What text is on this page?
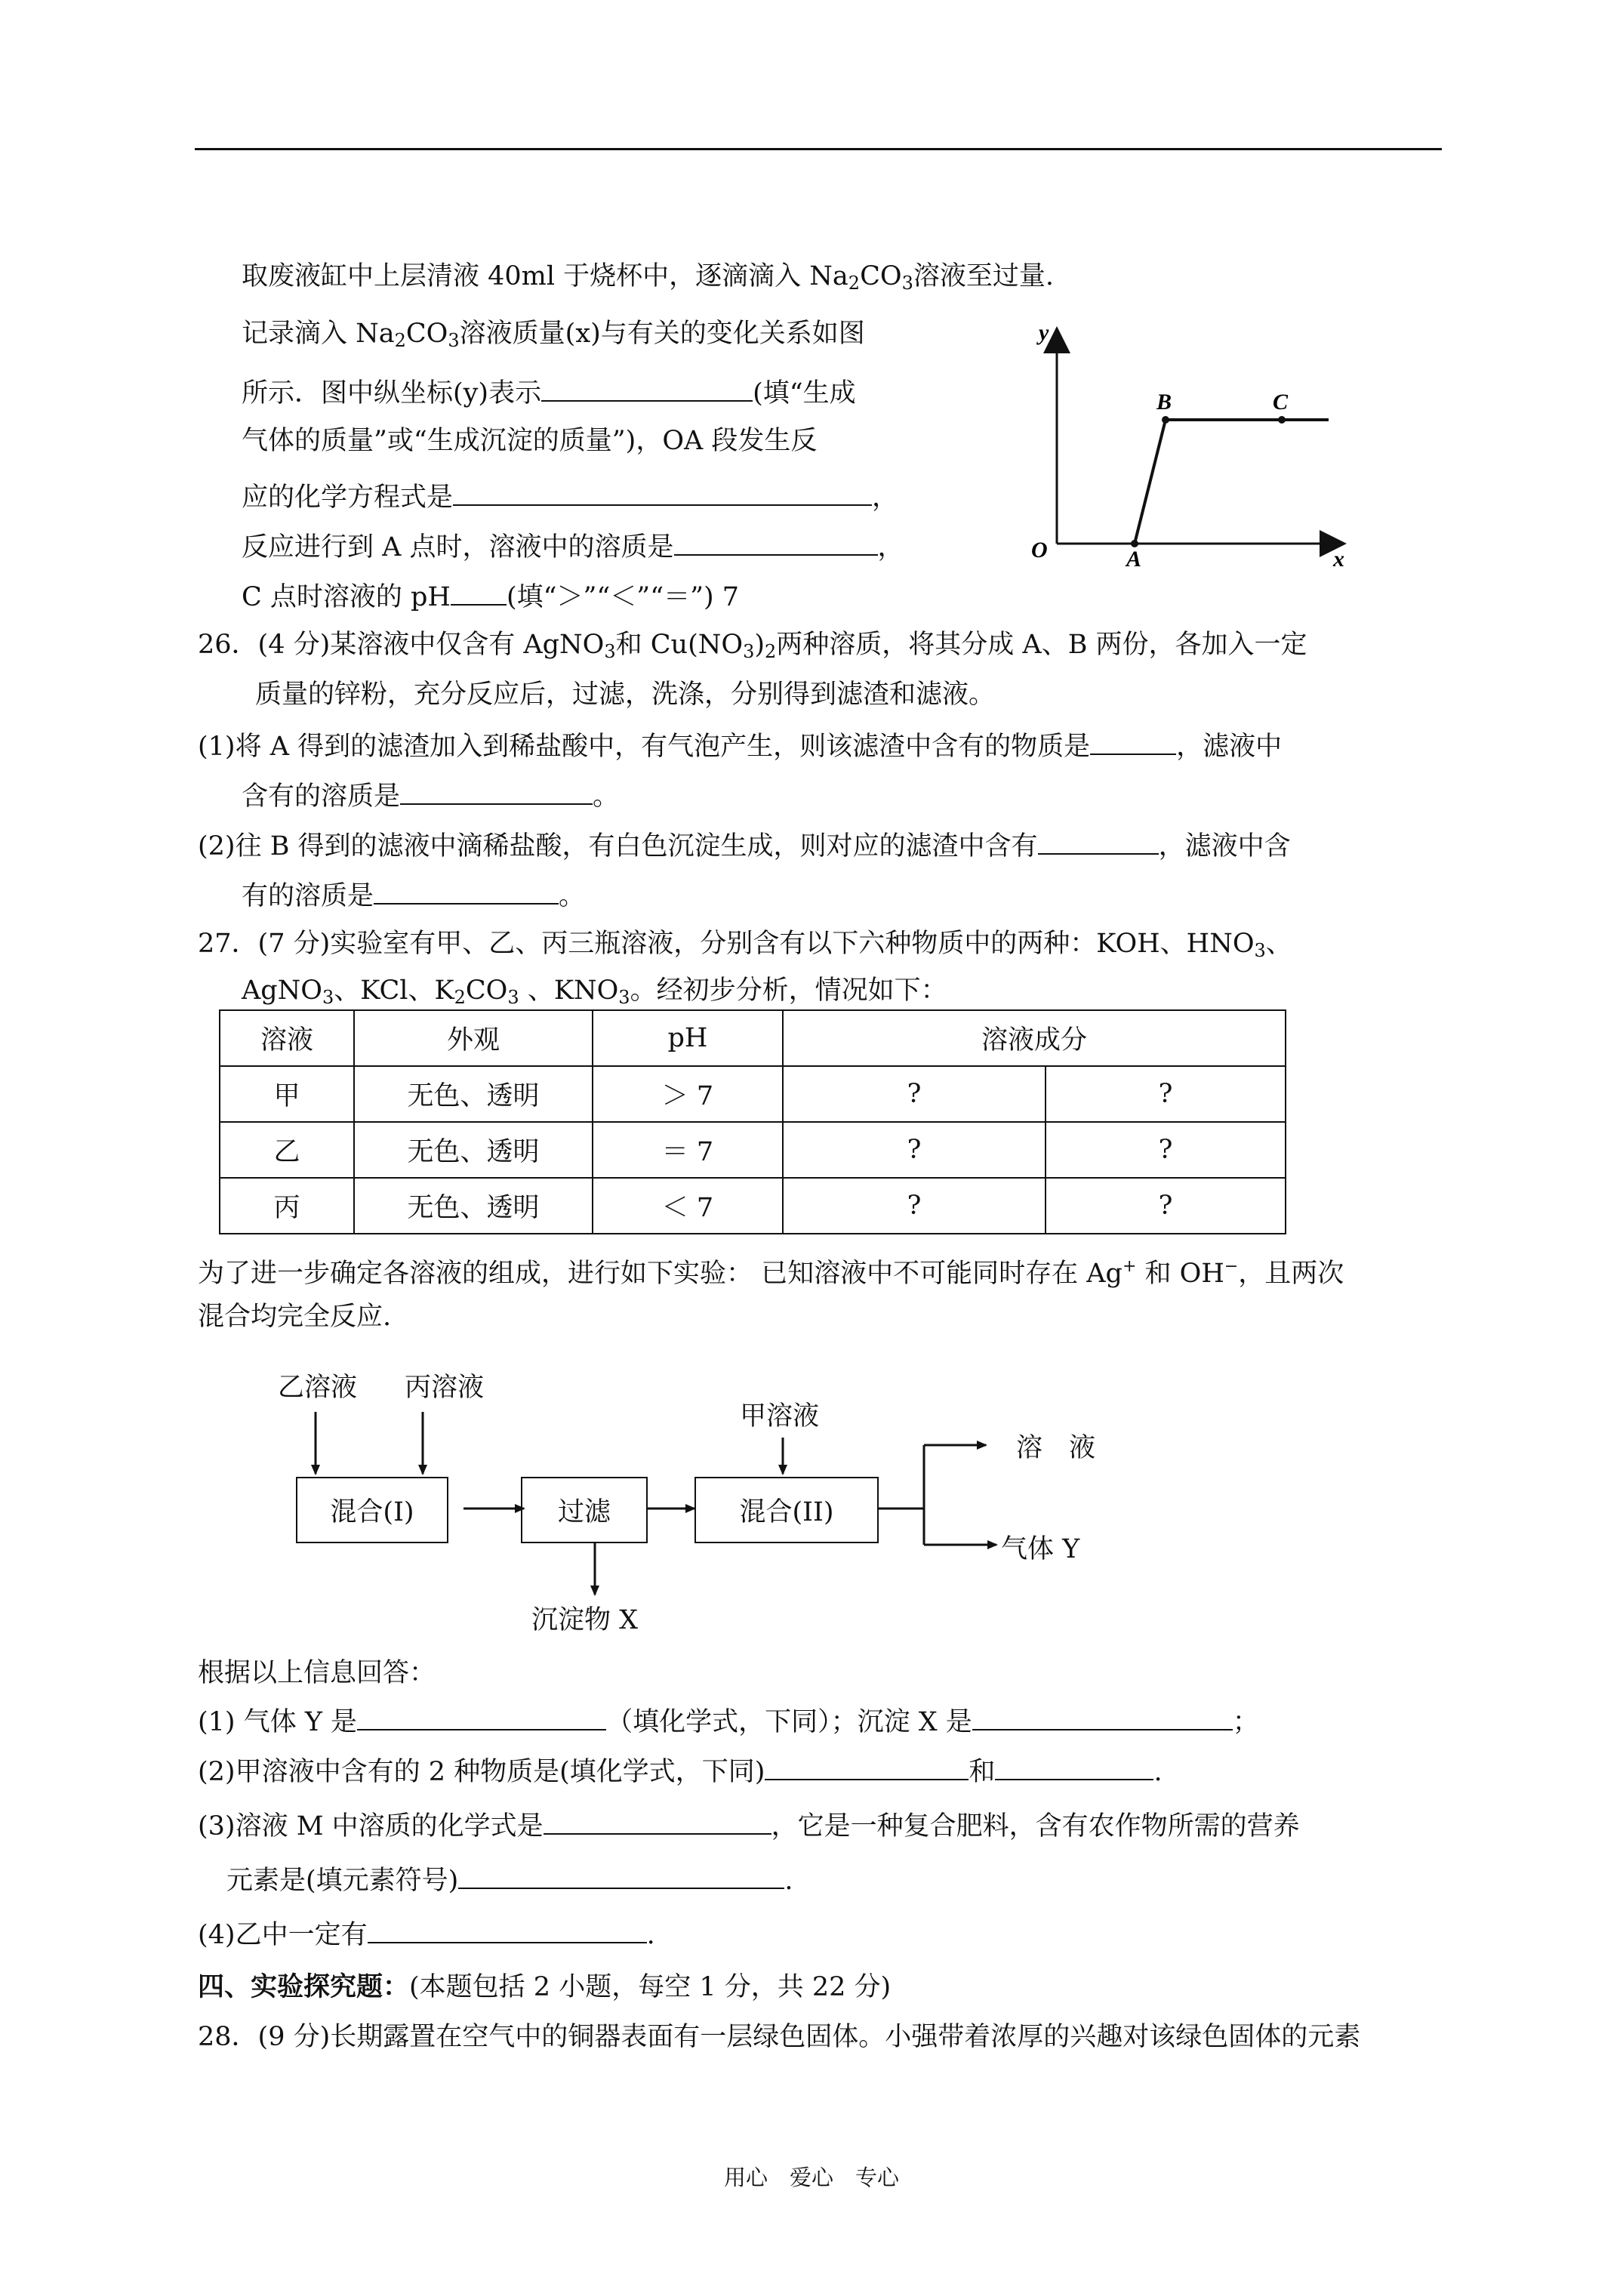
取废液缸中上层清液 40ml 于烧杯中，逐滴滴入 $Na_2CO_3$溶液至过量.
记录滴入 $Na_2CO_3$溶液质量(x)与有关的变化关系如图
所示．图中纵坐标(y)表示	(填“生成
气体的质量”或“生成沉淀的质量”)，OA 段发生反
应的化学方程式是	，
反应进行到 A 点时，溶液中的溶质是	，
C 点时溶液的 pH (填“＞”“＜”“＝”) 7
y
x
O	A
B	C
26．(4 分)某溶液中仅含有 AgNO$_3$和 $Cu(NO_3)_2$两种溶质，将其分成 A、B 两份，各加入一定
质量的锌粉，充分反应后，过滤，洗涤，分别得到滤渣和滤液。
(1)将 A 得到的滤渣加入到稀盐酸中，有气泡产生，则该滤渣中含有的物质是	，滤液中
含有的溶质是	。
(2)往 B 得到的滤液中滴稀盐酸，有白色沉淀生成，则对应的滤渣中含有	，滤液中含
有的溶质是	。
27．(7 分)实验室有甲、乙、丙三瓶溶液，分别含有以下六种物质中的两种：KOH、$HNO_3$、
AgNO$_3$、KCl、$K_2CO_3$ 、$KNO_3$。经初步分析，情况如下：
溶液	外观	pH	溶液成分	
甲	无色、透明	＞ 7	?	?
乙	无色、透明	＝ 7	?	?
丙	无色、透明	＜ 7	?	?
为了进一步确定各溶液的组成，进行如下实验： 已知溶液中不可能同时存在 Ag+ 和 OH−，且两次
混合均完全反应.
乙溶液 丙溶液
甲溶液
混合(I)	过滤	混合(II)
溶　液
气体 Y
沉淀物 X
根据以上信息回答：
(1) 气体 Y 是	（填化学式，下同）；沉淀 X 是	；
(2)甲溶液中含有的 2 种物质是(填化学式，下同)	和	.
(3)溶液 M 中溶质的化学式是	，它是一种复合肥料，含有农作物所需的营养
元素是(填元素符号)	.
(4)乙中一定有	.
四、实验探究题：(本题包括 2 小题，每空 1 分，共 22 分)
28．(9 分)长期露置在空气中的铜器表面有一层绿色固体。小强带着浓厚的兴趣对该绿色固体的元素
用心　爱心　专心
